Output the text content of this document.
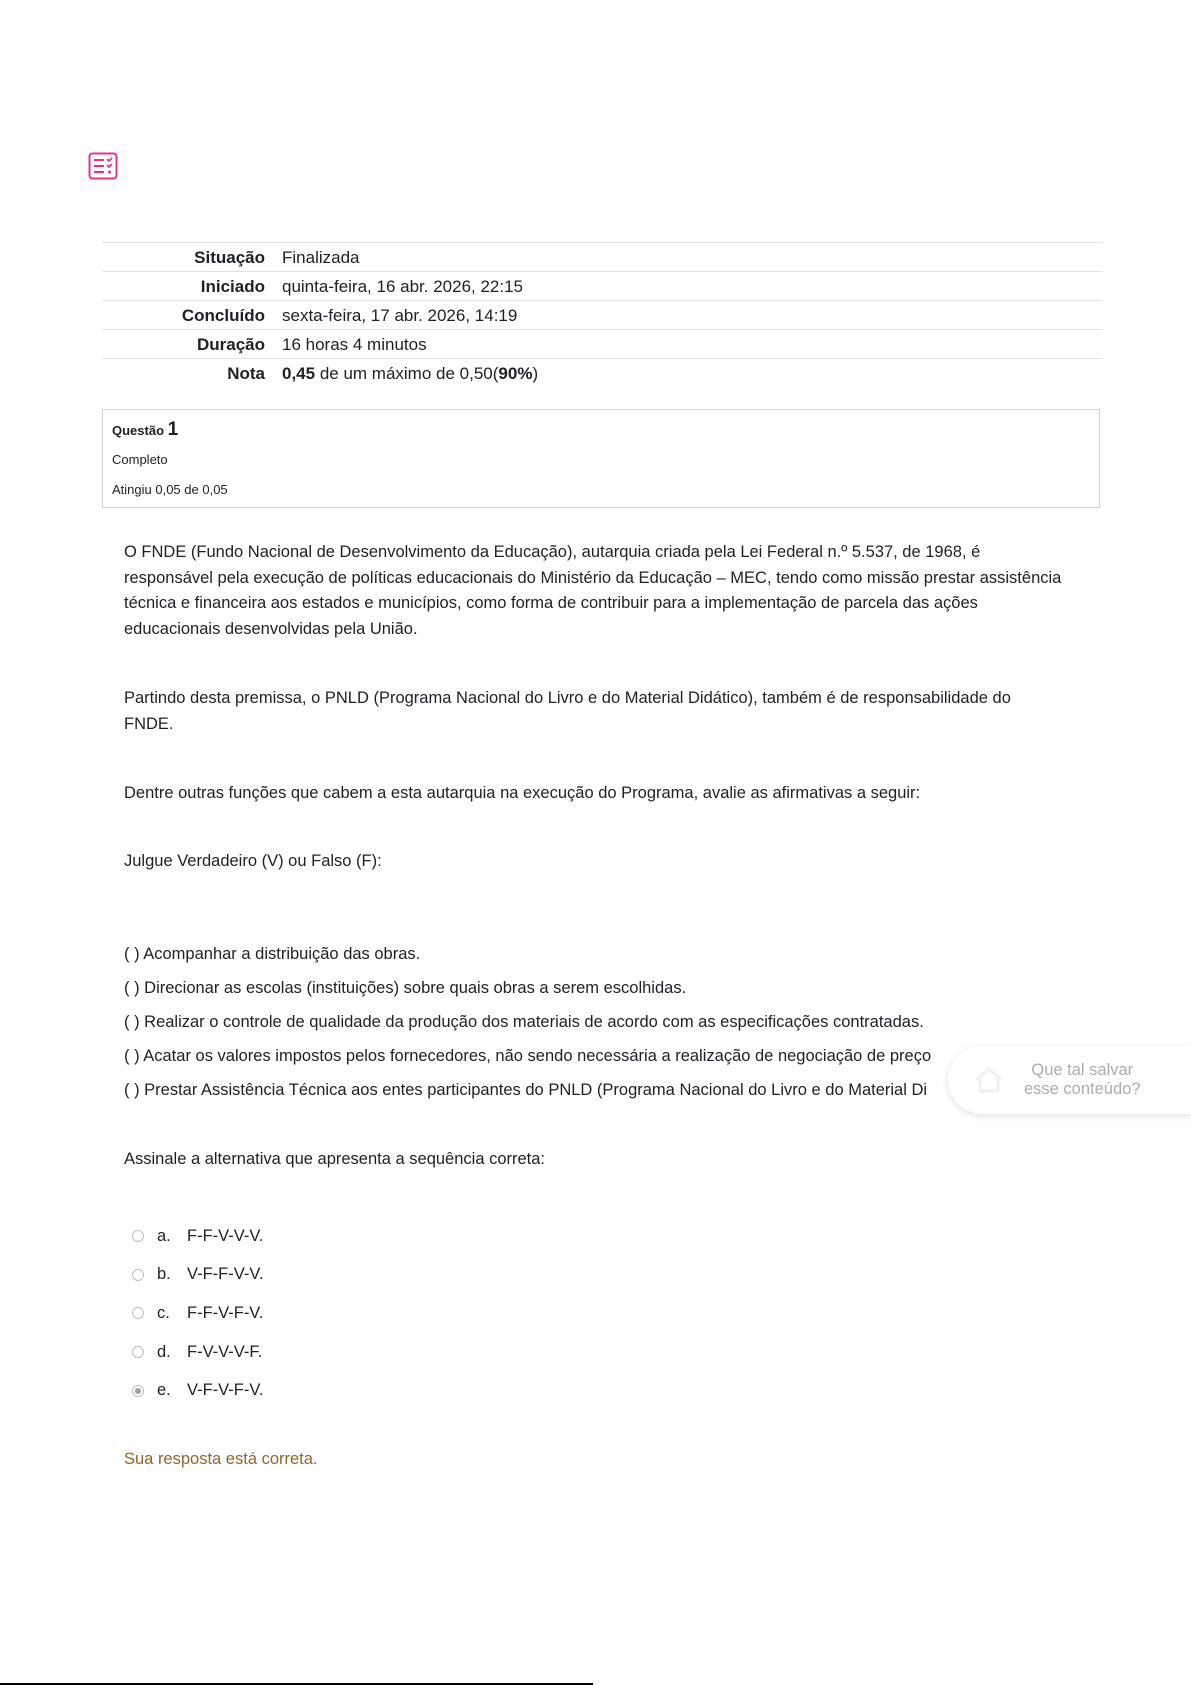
Situação	Finalizada
Iniciado	quinta-feira, 16 abr. 2026, 22:15
Concluído	sexta-feira, 17 abr. 2026, 14:19
Duração	16 horas 4 minutos
Nota	0,45 de um máximo de 0,50(90%)
Questão 1
Completo
Atingiu 0,05 de 0,05

O FNDE (Fundo Nacional de Desenvolvimento da Educação), autarquia criada pela Lei Federal n.º 5.537, de 1968, é responsável pela execução de políticas educacionais do Ministério da Educação – MEC, tendo como missão prestar assistência técnica e financeira aos estados e municípios, como forma de contribuir para a implementação de parcela das ações educacionais desenvolvidas pela União.

Partindo desta premissa, o PNLD (Programa Nacional do Livro e do Material Didático), também é de responsabilidade do FNDE.

Dentre outras funções que cabem a esta autarquia na execução do Programa, avalie as afirmativas a seguir:

Julgue Verdadeiro (V) ou Falso (F):

( ) Acompanhar a distribuição das obras.
( ) Direcionar as escolas (instituições) sobre quais obras a serem escolhidas.
( ) Realizar o controle de qualidade da produção dos materiais de acordo com as especificações contratadas.
( ) Acatar os valores impostos pelos fornecedores, não sendo necessária a realização de negociação de preço
( ) Prestar Assistência Técnica aos entes participantes do PNLD (Programa Nacional do Livro e do Material Di
Assinale a alternativa que apresenta a sequência correta:
a. F-F-V-V-V.
b. V-F-F-V-V.
c.	F-F-V-F-V.
d. F-V-V-V-F.
e. V-F-V-F-V.
Sua resposta está correta.
Que tal salvar
esse conteúdo?
